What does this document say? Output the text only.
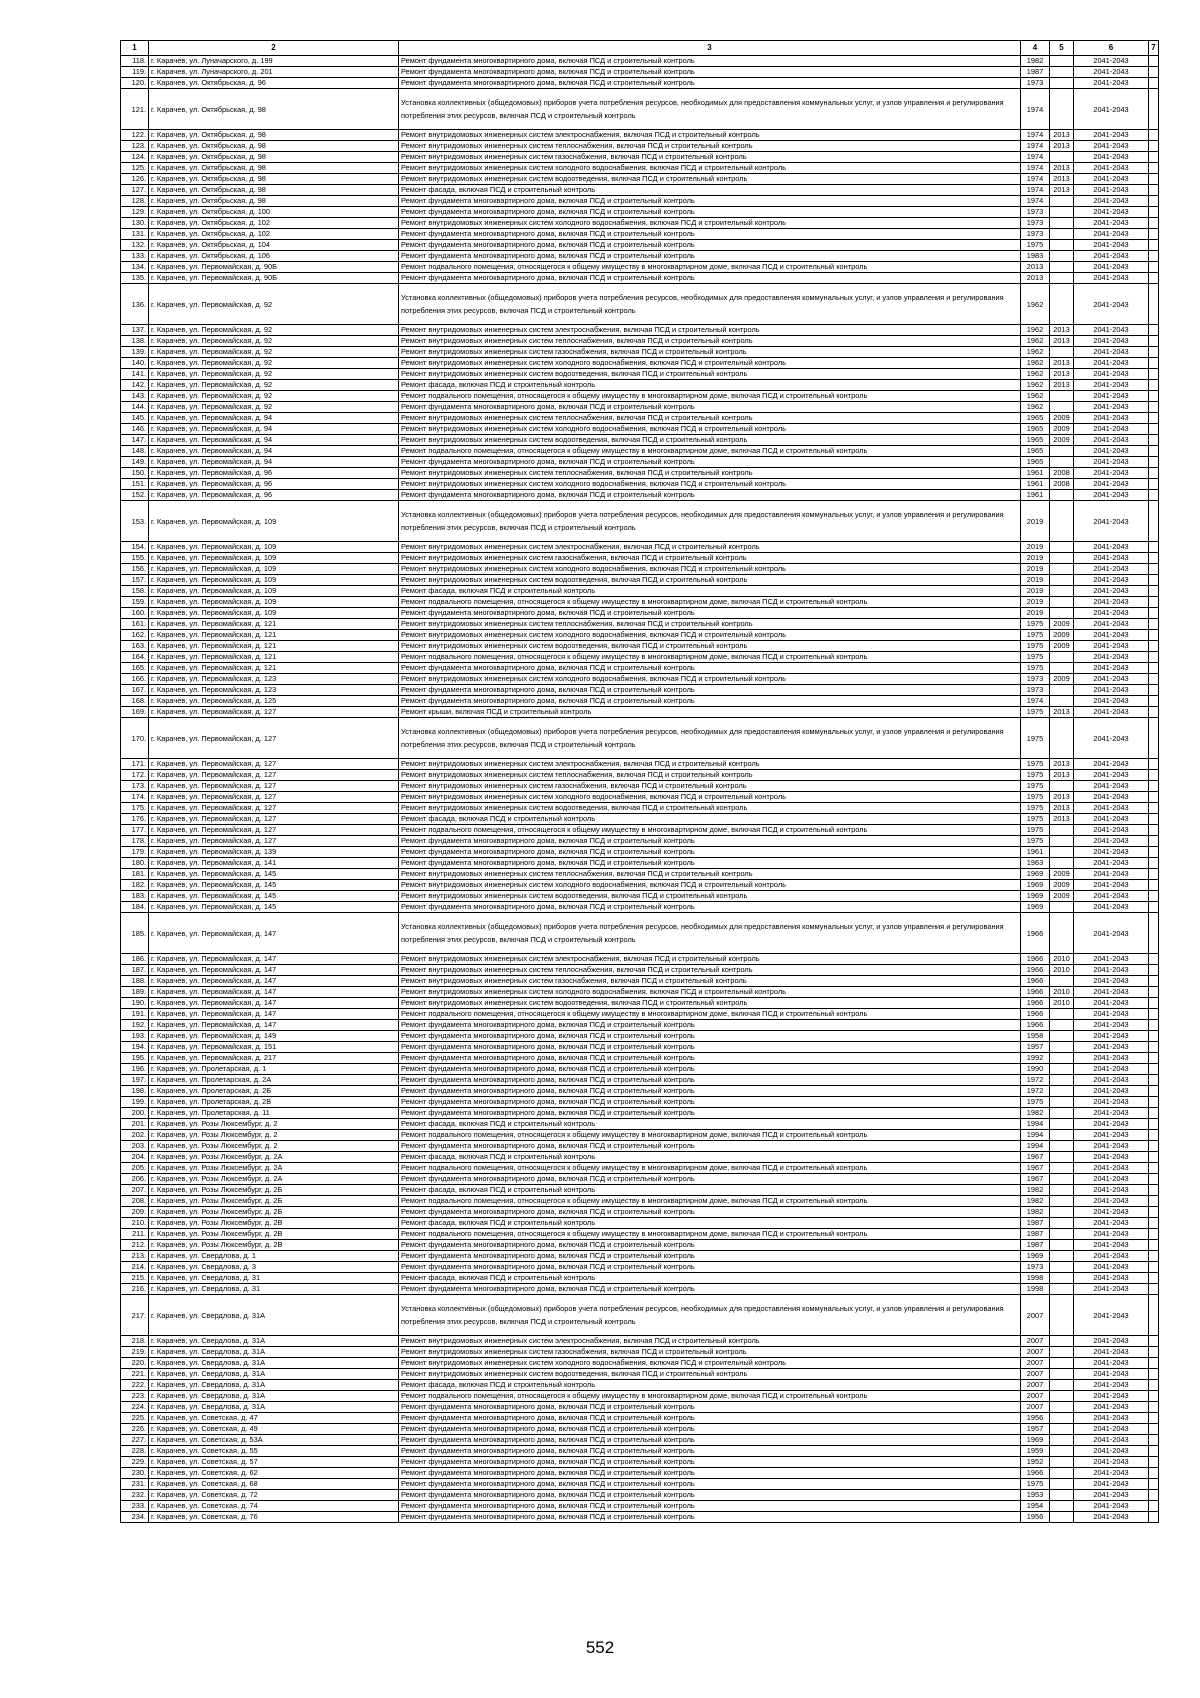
1	2	3	4	5	6	7
118.	г. Карачев, ул. Луначарского, д. 199	Ремонт фундамента многоквартирного дома, включая ПСД и строительный контроль	1982		2041-2043	
119.	г. Карачев, ул. Луначарского, д. 201	Ремонт фундамента многоквартирного дома, включая ПСД и строительный контроль	1987		2041-2043	
120.	г. Карачев, ул. Октябрьская, д. 96	Ремонт фундамента многоквартирного дома, включая ПСД и строительный контроль	1973		2041-2043	
121.	г. Карачев, ул. Октябрьская, д. 98	Установка коллективных (общедомовых) приборов учета потребления ресурсов, необходимых для предоставления коммунальных услуг, и узлов управления и регулирования потребления этих ресурсов, включая ПСД и строительный контроль	1974		2041-2043	
122.	г. Карачев, ул. Октябрьская, д. 98	Ремонт внутридомовых инженерных систем электроснабжения, включая ПСД и строительный контроль	1974	2013	2041-2043	
123.	г. Карачев, ул. Октябрьская, д. 98	Ремонт внутридомовых инженерных систем теплоснабжения, включая ПСД и строительный контроль	1974	2013	2041-2043	
124.	г. Карачев, ул. Октябрьская, д. 98	Ремонт внутридомовых инженерных систем газоснабжения, включая ПСД и строительный контроль	1974		2041-2043	
125.	г. Карачев, ул. Октябрьская, д. 98	Ремонт внутридомовых инженерных систем холодного водоснабжения, включая ПСД и строительный контроль	1974	2013	2041-2043	
126.	г. Карачев, ул. Октябрьская, д. 98	Ремонт внутридомовых инженерных систем водоотведения, включая ПСД и строительный контроль	1974	2013	2041-2043	
127.	г. Карачев, ул. Октябрьская, д. 98	Ремонт фасада, включая ПСД и строительный контроль	1974	2013	2041-2043	
128.	г. Карачев, ул. Октябрьская, д. 98	Ремонт фундамента многоквартирного дома, включая ПСД и строительный контроль	1974		2041-2043	
129.	г. Карачев, ул. Октябрьская, д. 100	Ремонт фундамента многоквартирного дома, включая ПСД и строительный контроль	1973		2041-2043	
130.	г. Карачев, ул. Октябрьская, д. 102	Ремонт внутридомовых инженерных систем холодного водоснабжения, включая ПСД и строительный контроль	1973		2041-2043	
131.	г. Карачев, ул. Октябрьская, д. 102	Ремонт фундамента многоквартирного дома, включая ПСД и строительный контроль	1973		2041-2043	
132.	г. Карачев, ул. Октябрьская, д. 104	Ремонт фундамента многоквартирного дома, включая ПСД и строительный контроль	1975		2041-2043	
133.	г. Карачев, ул. Октябрьская, д. 106	Ремонт фундамента многоквартирного дома, включая ПСД и строительный контроль	1983		2041-2043	
134.	г. Карачев, ул. Первомайская, д. 90Б	Ремонт подвального помещения, относящегося к общему имуществу в многоквартирном доме, включая ПСД и строительный контроль	2013		2041-2043	
135.	г. Карачев, ул. Первомайская, д. 90Б	Ремонт фундамента многоквартирного дома, включая ПСД и строительный контроль	2013		2041-2043	
136.	г. Карачев, ул. Первомайская, д. 92	Установка коллективных (общедомовых) приборов учета потребления ресурсов, необходимых для предоставления коммунальных услуг, и узлов управления и регулирования потребления этих ресурсов, включая ПСД и строительный контроль	1962		2041-2043	
137.	г. Карачев, ул. Первомайская, д. 92	Ремонт внутридомовых инженерных систем электроснабжения, включая ПСД и строительный контроль	1962	2013	2041-2043	
138.	г. Карачев, ул. Первомайская, д. 92	Ремонт внутридомовых инженерных систем теплоснабжения, включая ПСД и строительный контроль	1962	2013	2041-2043	
139.	г. Карачев, ул. Первомайская, д. 92	Ремонт внутридомовых инженерных систем газоснабжения, включая ПСД и строительный контроль	1962		2041-2043	
140.	г. Карачев, ул. Первомайская, д. 92	Ремонт внутридомовых инженерных систем холодного водоснабжения, включая ПСД и строительный контроль	1962	2013	2041-2043	
141.	г. Карачев, ул. Первомайская, д. 92	Ремонт внутридомовых инженерных систем водоотведения, включая ПСД и строительный контроль	1962	2013	2041-2043	
142.	г. Карачев, ул. Первомайская, д. 92	Ремонт фасада, включая ПСД и строительный контроль	1962	2013	2041-2043	
143.	г. Карачев, ул. Первомайская, д. 92	Ремонт подвального помещения, относящегося к общему имуществу в многоквартирном доме, включая ПСД и строительный контроль	1962		2041-2043	
144.	г. Карачев, ул. Первомайская, д. 92	Ремонт фундамента многоквартирного дома, включая ПСД и строительный контроль	1962		2041-2043	
145.	г. Карачев, ул. Первомайская, д. 94	Ремонт внутридомовых инженерных систем теплоснабжения, включая ПСД и строительный контроль	1965	2009	2041-2043	
146.	г. Карачев, ул. Первомайская, д. 94	Ремонт внутридомовых инженерных систем холодного водоснабжения, включая ПСД и строительный контроль	1965	2009	2041-2043	
147.	г. Карачев, ул. Первомайская, д. 94	Ремонт внутридомовых инженерных систем водоотведения, включая ПСД и строительный контроль	1965	2009	2041-2043	
148.	г. Карачев, ул. Первомайская, д. 94	Ремонт подвального помещения, относящегося к общему имуществу в многоквартирном доме, включая ПСД и строительный контроль	1965		2041-2043	
149.	г. Карачев, ул. Первомайская, д. 94	Ремонт фундамента многоквартирного дома, включая ПСД и строительный контроль	1965		2041-2043	
150.	г. Карачев, ул. Первомайская, д. 96	Ремонт внутридомовых инженерных систем теплоснабжения, включая ПСД и строительный контроль	1961	2008	2041-2043	
151.	г. Карачев, ул. Первомайская, д. 96	Ремонт внутридомовых инженерных систем холодного водоснабжения, включая ПСД и строительный контроль	1961	2008	2041-2043	
152.	г. Карачев, ул. Первомайская, д. 96	Ремонт фундамента многоквартирного дома, включая ПСД и строительный контроль	1961		2041-2043	
153.	г. Карачев, ул. Первомайская, д. 109	Установка коллективных (общедомовых) приборов учета потребления ресурсов, необходимых для предоставления коммунальных услуг, и узлов управления и регулирования потребления этих ресурсов, включая ПСД и строительный контроль	2019		2041-2043	
154.	г. Карачев, ул. Первомайская, д. 109	Ремонт внутридомовых инженерных систем электроснабжения, включая ПСД и строительный контроль	2019		2041-2043	
155.	г. Карачев, ул. Первомайская, д. 109	Ремонт внутридомовых инженерных систем газоснабжения, включая ПСД и строительный контроль	2019		2041-2043	
156.	г. Карачев, ул. Первомайская, д. 109	Ремонт внутридомовых инженерных систем холодного водоснабжения, включая ПСД и строительный контроль	2019		2041-2043	
157.	г. Карачев, ул. Первомайская, д. 109	Ремонт внутридомовых инженерных систем водоотведения, включая ПСД и строительный контроль	2019		2041-2043	
158.	г. Карачев, ул. Первомайская, д. 109	Ремонт фасада, включая ПСД и строительный контроль	2019		2041-2043	
159.	г. Карачев, ул. Первомайская, д. 109	Ремонт подвального помещения, относящегося к общему имуществу в многоквартирном доме, включая ПСД и строительный контроль	2019		2041-2043	
160.	г. Карачев, ул. Первомайская, д. 109	Ремонт фундамента многоквартирного дома, включая ПСД и строительный контроль	2019		2041-2043	
161.	г. Карачев, ул. Первомайская, д. 121	Ремонт внутридомовых инженерных систем теплоснабжения, включая ПСД и строительный контроль	1975	2009	2041-2043	
162.	г. Карачев, ул. Первомайская, д. 121	Ремонт внутридомовых инженерных систем холодного водоснабжения, включая ПСД и строительный контроль	1975	2009	2041-2043	
163.	г. Карачев, ул. Первомайская, д. 121	Ремонт внутридомовых инженерных систем водоотведения, включая ПСД и строительный контроль	1975	2009	2041-2043	
164.	г. Карачев, ул. Первомайская, д. 121	Ремонт подвального помещения, относящегося к общему имуществу в многоквартирном доме, включая ПСД и строительный контроль	1975		2041-2043	
165.	г. Карачев, ул. Первомайская, д. 121	Ремонт фундамента многоквартирного дома, включая ПСД и строительный контроль	1975		2041-2043	
166.	г. Карачев, ул. Первомайская, д. 123	Ремонт внутридомовых инженерных систем холодного водоснабжения, включая ПСД и строительный контроль	1973	2009	2041-2043	
167.	г. Карачев, ул. Первомайская, д. 123	Ремонт фундамента многоквартирного дома, включая ПСД и строительный контроль	1973		2041-2043	
168.	г. Карачев, ул. Первомайская, д. 125	Ремонт фундамента многоквартирного дома, включая ПСД и строительный контроль	1974		2041-2043	
169.	г. Карачев, ул. Первомайская, д. 127	Ремонт крыши, включая ПСД и строительный контроль	1975	2013	2041-2043	
170.	г. Карачев, ул. Первомайская, д. 127	Установка коллективных (общедомовых) приборов учета потребления ресурсов, необходимых для предоставления коммунальных услуг, и узлов управления и регулирования потребления этих ресурсов, включая ПСД и строительный контроль	1975		2041-2043	
171.	г. Карачев, ул. Первомайская, д. 127	Ремонт внутридомовых инженерных систем электроснабжения, включая ПСД и строительный контроль	1975	2013	2041-2043	
172.	г. Карачев, ул. Первомайская, д. 127	Ремонт внутридомовых инженерных систем теплоснабжения, включая ПСД и строительный контроль	1975	2013	2041-2043	
173.	г. Карачев, ул. Первомайская, д. 127	Ремонт внутридомовых инженерных систем газоснабжения, включая ПСД и строительный контроль	1975		2041-2043	
174.	г. Карачев, ул. Первомайская, д. 127	Ремонт внутридомовых инженерных систем холодного водоснабжения, включая ПСД и строительный контроль	1975	2013	2041-2043	
175.	г. Карачев, ул. Первомайская, д. 127	Ремонт внутридомовых инженерных систем водоотведения, включая ПСД и строительный контроль	1975	2013	2041-2043	
176.	г. Карачев, ул. Первомайская, д. 127	Ремонт фасада, включая ПСД и строительный контроль	1975	2013	2041-2043	
177.	г. Карачев, ул. Первомайская, д. 127	Ремонт подвального помещения, относящегося к общему имуществу в многоквартирном доме, включая ПСД и строительный контроль	1975		2041-2043	
178.	г. Карачев, ул. Первомайская, д. 127	Ремонт фундамента многоквартирного дома, включая ПСД и строительный контроль	1975		2041-2043	
179.	г. Карачев, ул. Первомайская, д. 139	Ремонт фундамента многоквартирного дома, включая ПСД и строительный контроль	1961		2041-2043	
180.	г. Карачев, ул. Первомайская, д. 141	Ремонт фундамента многоквартирного дома, включая ПСД и строительный контроль	1963		2041-2043	
181.	г. Карачев, ул. Первомайская, д. 145	Ремонт внутридомовых инженерных систем теплоснабжения, включая ПСД и строительный контроль	1969	2009	2041-2043	
182.	г. Карачев, ул. Первомайская, д. 145	Ремонт внутридомовых инженерных систем холодного водоснабжения, включая ПСД и строительный контроль	1969	2009	2041-2043	
183.	г. Карачев, ул. Первомайская, д. 145	Ремонт внутридомовых инженерных систем водоотведения, включая ПСД и строительный контроль	1969	2009	2041-2043	
184.	г. Карачев, ул. Первомайская, д. 145	Ремонт фундамента многоквартирного дома, включая ПСД и строительный контроль	1969		2041-2043	
185.	г. Карачев, ул. Первомайская, д. 147	Установка коллективных (общедомовых) приборов учета потребления ресурсов, необходимых для предоставления коммунальных услуг, и узлов управления и регулирования потребления этих ресурсов, включая ПСД и строительный контроль	1966		2041-2043	
186.	г. Карачев, ул. Первомайская, д. 147	Ремонт внутридомовых инженерных систем электроснабжения, включая ПСД и строительный контроль	1966	2010	2041-2043	
187.	г. Карачев, ул. Первомайская, д. 147	Ремонт внутридомовых инженерных систем теплоснабжения, включая ПСД и строительный контроль	1966	2010	2041-2043	
188.	г. Карачев, ул. Первомайская, д. 147	Ремонт внутридомовых инженерных систем газоснабжения, включая ПСД и строительный контроль	1966		2041-2043	
189.	г. Карачев, ул. Первомайская, д. 147	Ремонт внутридомовых инженерных систем холодного водоснабжения, включая ПСД и строительный контроль	1966	2010	2041-2043	
190.	г. Карачев, ул. Первомайская, д. 147	Ремонт внутридомовых инженерных систем водоотведения, включая ПСД и строительный контроль	1966	2010	2041-2043	
191.	г. Карачев, ул. Первомайская, д. 147	Ремонт подвального помещения, относящегося к общему имуществу в многоквартирном доме, включая ПСД и строительный контроль	1966		2041-2043	
192.	г. Карачев, ул. Первомайская, д. 147	Ремонт фундамента многоквартирного дома, включая ПСД и строительный контроль	1966		2041-2043	
193.	г. Карачев, ул. Первомайская, д. 149	Ремонт фундамента многоквартирного дома, включая ПСД и строительный контроль	1958		2041-2043	
194.	г. Карачев, ул. Первомайская, д. 151	Ремонт фундамента многоквартирного дома, включая ПСД и строительный контроль	1957		2041-2043	
195.	г. Карачев, ул. Первомайская, д. 217	Ремонт фундамента многоквартирного дома, включая ПСД и строительный контроль	1992		2041-2043	
196.	г. Карачев, ул. Пролетарская, д. 1	Ремонт фундамента многоквартирного дома, включая ПСД и строительный контроль	1990		2041-2043	
197.	г. Карачев, ул. Пролетарская, д. 2А	Ремонт фундамента многоквартирного дома, включая ПСД и строительный контроль	1972		2041-2043	
198.	г. Карачев, ул. Пролетарская, д. 2Б	Ремонт фундамента многоквартирного дома, включая ПСД и строительный контроль	1972		2041-2043	
199.	г. Карачев, ул. Пролетарская, д. 2В	Ремонт фундамента многоквартирного дома, включая ПСД и строительный контроль	1975		2041-2043	
200.	г. Карачев, ул. Пролетарская, д. 11	Ремонт фундамента многоквартирного дома, включая ПСД и строительный контроль	1982		2041-2043	
201.	г. Карачев, ул. Розы Люксембург, д. 2	Ремонт фасада, включая ПСД и строительный контроль	1994		2041-2043	
202.	г. Карачев, ул. Розы Люксембург, д. 2	Ремонт подвального помещения, относящегося к общему имуществу в многоквартирном доме, включая ПСД и строительный контроль	1994		2041-2043	
203.	г. Карачев, ул. Розы Люксембург, д. 2	Ремонт фундамента многоквартирного дома, включая ПСД и строительный контроль	1994		2041-2043	
204.	г. Карачев, ул. Розы Люксембург, д. 2А	Ремонт фасада, включая ПСД и строительный контроль	1967		2041-2043	
205.	г. Карачев, ул. Розы Люксембург, д. 2А	Ремонт подвального помещения, относящегося к общему имуществу в многоквартирном доме, включая ПСД и строительный контроль	1967		2041-2043	
206.	г. Карачев, ул. Розы Люксембург, д. 2А	Ремонт фундамента многоквартирного дома, включая ПСД и строительный контроль	1967		2041-2043	
207.	г. Карачев, ул. Розы Люксембург, д. 2Б	Ремонт фасада, включая ПСД и строительный контроль	1982		2041-2043	
208.	г. Карачев, ул. Розы Люксембург, д. 2Б	Ремонт подвального помещения, относящегося к общему имуществу в многоквартирном доме, включая ПСД и строительный контроль	1982		2041-2043	
209.	г. Карачев, ул. Розы Люксембург, д. 2Б	Ремонт фундамента многоквартирного дома, включая ПСД и строительный контроль	1982		2041-2043	
210.	г. Карачев, ул. Розы Люксембург, д. 2В	Ремонт фасада, включая ПСД и строительный контроль	1987		2041-2043	
211.	г. Карачев, ул. Розы Люксембург, д. 2В	Ремонт подвального помещения, относящегося к общему имуществу в многоквартирном доме, включая ПСД и строительный контроль	1987		2041-2043	
212.	г. Карачев, ул. Розы Люксембург, д. 2В	Ремонт фундамента многоквартирного дома, включая ПСД и строительный контроль	1987		2041-2043	
213.	г. Карачев, ул. Свердлова, д. 1	Ремонт фундамента многоквартирного дома, включая ПСД и строительный контроль	1969		2041-2043	
214.	г. Карачев, ул. Свердлова, д. 3	Ремонт фундамента многоквартирного дома, включая ПСД и строительный контроль	1973		2041-2043	
215.	г. Карачев, ул. Свердлова, д. 31	Ремонт фасада, включая ПСД и строительный контроль	1998		2041-2043	
216.	г. Карачев, ул. Свердлова, д. 31	Ремонт фундамента многоквартирного дома, включая ПСД и строительный контроль	1998		2041-2043	
217.	г. Карачев, ул. Свердлова, д. 31А	Установка коллективных (общедомовых) приборов учета потребления ресурсов, необходимых для предоставления коммунальных услуг, и узлов управления и регулирования потребления этих ресурсов, включая ПСД и строительный контроль	2007		2041-2043	
218.	г. Карачев, ул. Свердлова, д. 31А	Ремонт внутридомовых инженерных систем электроснабжения, включая ПСД и строительный контроль	2007		2041-2043	
219.	г. Карачев, ул. Свердлова, д. 31А	Ремонт внутридомовых инженерных систем газоснабжения, включая ПСД и строительный контроль	2007		2041-2043	
220.	г. Карачев, ул. Свердлова, д. 31А	Ремонт внутридомовых инженерных систем холодного водоснабжения, включая ПСД и строительный контроль	2007		2041-2043	
221.	г. Карачев, ул. Свердлова, д. 31А	Ремонт внутридомовых инженерных систем водоотведения, включая ПСД и строительный контроль	2007		2041-2043	
222.	г. Карачев, ул. Свердлова, д. 31А	Ремонт фасада, включая ПСД и строительный контроль	2007		2041-2043	
223.	г. Карачев, ул. Свердлова, д. 31А	Ремонт подвального помещения, относящегося к общему имуществу в многоквартирном доме, включая ПСД и строительный контроль	2007		2041-2043	
224.	г. Карачев, ул. Свердлова, д. 31А	Ремонт фундамента многоквартирного дома, включая ПСД и строительный контроль	2007		2041-2043	
225.	г. Карачев, ул. Советская, д. 47	Ремонт фундамента многоквартирного дома, включая ПСД и строительный контроль	1956		2041-2043	
226.	г. Карачев, ул. Советская, д. 49	Ремонт фундамента многоквартирного дома, включая ПСД и строительный контроль	1957		2041-2043	
227.	г. Карачев, ул. Советская, д. 53А	Ремонт фундамента многоквартирного дома, включая ПСД и строительный контроль	1969		2041-2043	
228.	г. Карачев, ул. Советская, д. 55	Ремонт фундамента многоквартирного дома, включая ПСД и строительный контроль	1959		2041-2043	
229.	г. Карачев, ул. Советская, д. 57	Ремонт фундамента многоквартирного дома, включая ПСД и строительный контроль	1952		2041-2043	
230.	г. Карачев, ул. Советская, д. 62	Ремонт фундамента многоквартирного дома, включая ПСД и строительный контроль	1966		2041-2043	
231.	г. Карачев, ул. Советская, д. 68	Ремонт фундамента многоквартирного дома, включая ПСД и строительный контроль	1975		2041-2043	
232.	г. Карачев, ул. Советская, д. 72	Ремонт фундамента многоквартирного дома, включая ПСД и строительный контроль	1953		2041-2043	
233.	г. Карачев, ул. Советская, д. 74	Ремонт фундамента многоквартирного дома, включая ПСД и строительный контроль	1954		2041-2043	
234.	г. Карачев, ул. Советская, д. 76	Ремонт фундамента многоквартирного дома, включая ПСД и строительный контроль	1956		2041-2043	
552
